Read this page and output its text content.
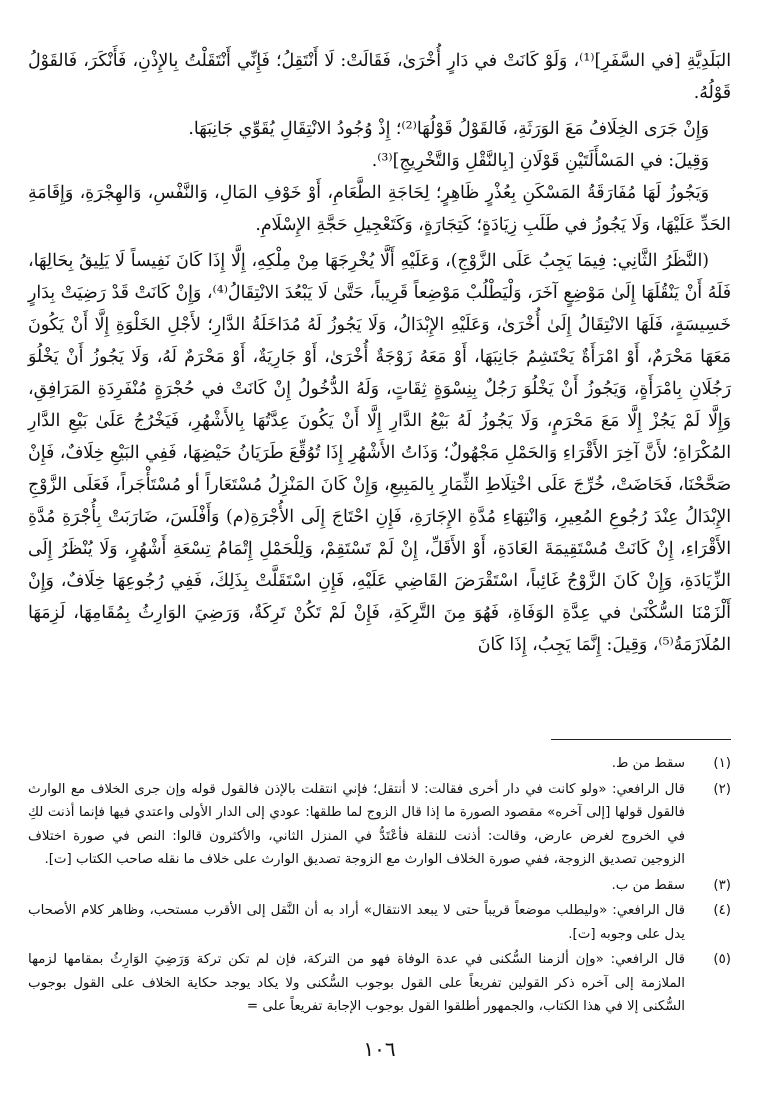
البَلَدِيَّةِ [في السَّفَرِ]⁽¹⁾، وَلَوْ كَانَتْ في دَارٍ أُخْرَىٰ، فَقَالَتْ: لَا أَنْتَقِلُ؛ فَإِنِّي أَنْتَقَلْتُ بِالإِذْنِ، فَأَنْكَرَ، فَالقَوْلُ قَوْلُهُ.

وَإِنْ جَرَى الخِلَافُ مَعَ الوَرَثَةِ، فَالقَوْلُ قَوْلُهَا⁽²⁾؛ إِذْ وُجُودُ الانْتِقَالِ يُقَوِّي جَانِبَهَا.

وَقِيلَ: في المَسْأَلَتَيْنِ قَوْلَانِ [بِالنَّقْلِ وَالتَّخْرِيجِ]⁽³⁾.

وَيَجُوزُ لَهَا مُفَارَقَةُ المَسْكَنِ بِعُذْرٍ ظَاهِرٍ؛ لِحَاجَةِ الطَّعَامِ، أَوْ خَوْفِ المَالِ، وَالنَّفْسِ، وَالهِجْرَةِ، وَإِقَامَةِ الحَدِّ عَلَيْهَا، وَلَا يَجُوزُ في طَلَبِ زِيَادَةٍ؛ كَتِجَارَةٍ، وَكَتَعْجِيلِ حَجَّةِ الإِسْلَامِ.

(النَّظَرُ الثَّانِي: فِيمَا يَجِبُ عَلَى الزَّوْجِ)، وَعَلَيْهِ أَلَّا يُخْرِجَهَا مِنْ مِلْكِهِ، إِلَّا إِذَا كَانَ نَفِيساً لَا يَلِيقُ بِحَالِهَا، فَلَهُ أَنْ يَنْقُلَهَا إِلَىٰ مَوْضِعٍ آخَرَ، وَلْيَطْلُبْ مَوْضِعاً قَرِيباً، حَتَّىٰ لَا يَبْعُدَ الانْتِقَالُ⁽⁴⁾، وَإِنْ كَانَتْ قَدْ رَضِيَتْ بِدَارٍ خَسِيسَةٍ، فَلَهَا الانْتِقَالُ إِلَىٰ أُخْرَىٰ، وَعَلَيْهِ الإِبْدَالُ، وَلَا يَجُوزُ لَهُ مُدَاخَلَةُ الدَّارِ؛ لأَجْلِ الخَلْوَةِ إِلَّا أَنْ يَكُونَ مَعَهَا مَحْرَمٌ، أَوْ امْرَأَةٌ يَحْتَشِمُ جَانِبَهَا، أَوْ مَعَهُ زَوْجَةٌ أُخْرَىٰ، أَوْ جَارِيَةٌ، أَوْ مَحْرَمٌ لَهُ، وَلَا يَجُوزُ أَنْ يَخْلُوَ رَجُلَانِ بِامْرَأَةٍ، وَيَجُوزُ أَنْ يَخْلُوَ رَجُلٌ بِنِسْوَةٍ ثِقَاتٍ، وَلَهُ الدُّخُولُ إِنْ كَانَتْ في حُجْرَةٍ مُنْفَرِدَةِ المَرَافِقِ، وَإِلَّا لَمْ يَجُزْ إِلَّا مَعَ مَحْرَمٍ، وَلَا يَجُوزُ لَهُ بَيْعُ الدَّارِ إِلَّا أَنْ يَكُونَ عِدَّتُهَا بِالأَشْهُرِ، فَيَخْرُجُ عَلَىٰ بَيْعِ الدَّارِ المُكْرَاةِ؛ لأَنَّ آخِرَ الأَقْرَاءِ وَالحَمْلِ مَجْهُولٌ؛ وَذَاتُ الأَشْهُرِ إِذَا تُوُقِّعَ طَرَيَانُ حَيْضِهَا، فَفِي البَيْعِ خِلَافٌ، فَإِنْ صَحَّحْنَا، فَحَاضَتْ، خُرِّجَ عَلَى اخْتِلَاطِ الثِّمَارِ بِالمَبِيعِ، وَإِنْ كَانَ المَنْزِلُ مُسْتَعَاراً أو مُسْتَأْجَراً، فَعَلَى الزَّوْجِ الإِبْدَالُ عِنْدَ رُجُوعِ المُعِيرِ، وَانْتِهَاءِ مُدَّةِ الإِجَارَةِ، فَإِنِ احْتَاجَ إِلَى الأُجْرَةِ(م) وَأَفْلَسَ، ضَارَبَتْ بِأُجْرَةِ مُدَّةِ الأَقْرَاءِ، إِنْ كَانَتْ مُسْتَقِيمَةَ العَادَةِ، أَوْ الأَقَلِّ، إِنْ لَمْ تَسْتَقِمْ، وَلِلْحَمْلِ إِتْمَامُ تِسْعَةِ أَشْهُرٍ، وَلَا يُنْظَرُ إِلَى الزِّيَادَةِ، وَإِنْ كَانَ الزَّوْجُ غَائِباً، اسْتَقْرَضَ القَاضِي عَلَيْهِ، فَإِنِ اسْتَقَلَّتْ بِذَلِكَ، فَفِي رُجُوعِهَا خِلَافٌ، وَإِنْ أَلْزَمْنَا السُّكْنَىٰ في عِدَّةِ الوَفَاةِ، فَهُوَ مِنَ التَّرِكَةِ، فَإِنْ لَمْ تَكُنْ تَرِكَةٌ، وَرَضِيَ الوَارِثُ بِمُقَامِهَا، لَزِمَهَا المُلَازَمَةُ⁽⁵⁾، وَقِيلَ: إِنَّمَا يَجِبُ، إِذَا كَانَ

(١)
سقط من ط.
(٢)
قال الرافعي: «ولو كانت في دار أخرى فقالت: لا أنتقل؛ فإني انتقلت بالإذن فالقول قوله وإن جرى الخلاف مع الوارث فالقول قولها [إلى آخره» مقصود الصورة ما إذا قال الزوج لما طلقها: عودي إلى الدار الأولى واعتدي فيها فإنما أذنت لكِ في الخروج لغرض عارض، وقالت: أذنت للنقلة فأعْتَدُّ في المنزل الثاني، والأكثرون قالوا: النص في صورة اختلاف الزوجين تصديق الزوجة، ففي صورة الخلاف الوارث مع الزوجة تصديق الوارث على خلاف ما نقله صاحب الكتاب [ت].
(٣)
سقط من ب.
(٤)
قال الرافعي: «وليطلب موضعاً قريباً حتى لا يبعد الانتقال» أراد به أن النَّقل إلى الأقرب مستحب، وظاهر كلام الأصحاب يدل على وجوبه [ت].
(٥)
قال الرافعي: «وإن ألزمنا السُّكنى في عدة الوفاة فهو من التركة، فإن لم تكن تركة وَرَضِيَ الوَارِثُ بمقامها لزمها الملازمة إلى آخره ذكر القولين تفريعاً على القول بوجوب السُّكنى ولا يكاد يوجد حكاية الخلاف على القول بوجوب السُّكنى إلا في هذا الكتاب، والجمهور أطلقوا القول بوجوب الإجابة تفريعاً على =
١٠٦
